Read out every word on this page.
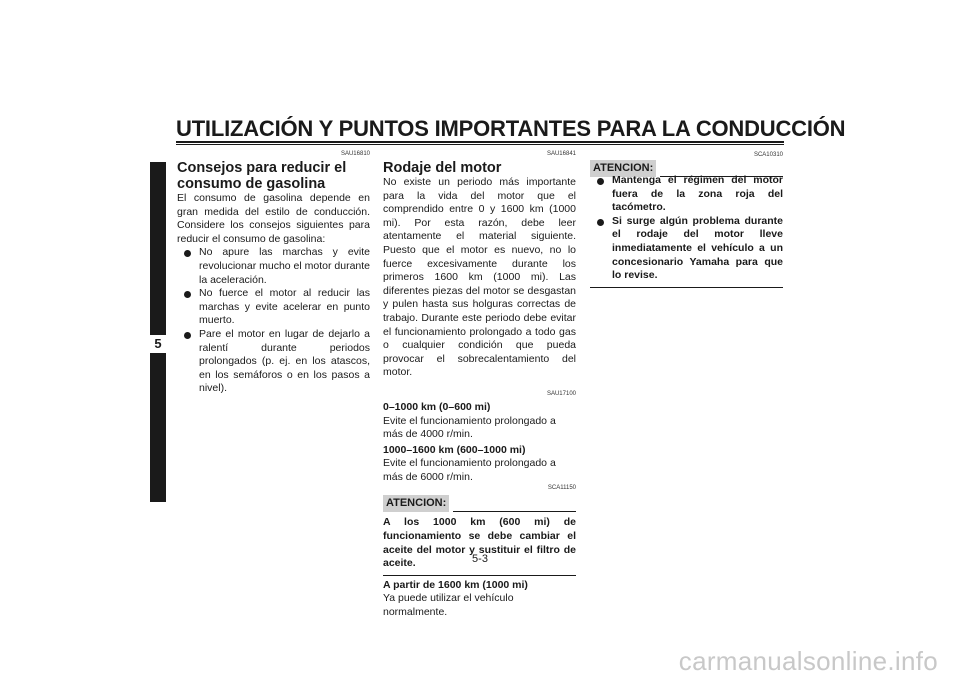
UTILIZACIÓN Y PUNTOS IMPORTANTES PARA LA CONDUCCIÓN
5
SAU16810
Consejos para reducir el
consumo de gasolina

El consumo de gasolina depende en gran medida del estilo de conducción. Considere los consejos siguientes para reducir el consumo de gasolina:

No apure las marchas y evite revolucionar mucho el motor durante la aceleración.
No fuerce el motor al reducir las marchas y evite acelerar en punto muerto.
Pare el motor en lugar de dejarlo a ralentí durante periodos prolongados (p. ej. en los atascos, en los semáforos o en los pasos a nivel).
SAU16841
Rodaje del motor

No existe un periodo más importante para la vida del motor que el comprendido entre 0 y 1600 km (1000 mi). Por esta razón, debe leer atentamente el material siguiente. Puesto que el motor es nuevo, no lo fuerce excesivamente durante los primeros 1600 km (1000 mi). Las diferentes piezas del motor se desgastan y pulen hasta sus holguras correctas de trabajo. Durante este periodo debe evitar el funcionamiento prolongado a todo gas o cualquier condición que pueda provocar el sobrecalentamiento del motor.

SAU17100
0–1000 km (0–600 mi)
Evite el funcionamiento prolongado a más de 4000 r/min.
1000–1600 km (600–1000 mi)
Evite el funcionamiento prolongado a más de 6000 r/min.
SCA11150
ATENCION:
A los 1000 km (600 mi) de funcionamiento se debe cambiar el aceite del motor y sustituir el filtro de aceite.
A partir de 1600 km (1000 mi)
Ya puede utilizar el vehículo normalmente.
ATENCION:
SCA10310
Mantenga el régimen del motor fuera de la zona roja del tacómetro.
Si surge algún problema durante el rodaje del motor lleve inmediatamente el vehículo a un concesionario Yamaha para que lo revise.
5-3
carmanualsonline.info
